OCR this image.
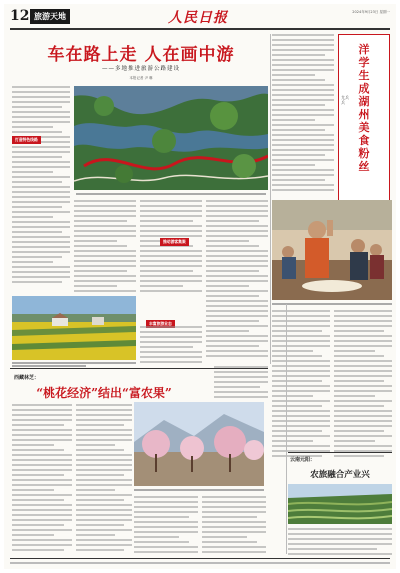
12 旅游天地	人民日报	2024年9月23日 星期一
车在路上走 人在画中游
——多地推进旅游公路建设
本报记者 尹 琳
打造特色线路
推动游客集聚
丰富旅游业态
洋学生成湖州美食粉丝
尤兵兵
西藏林芝：
“桃花经济”结出“富农果”
云南元阳：
农旅融合产业兴
